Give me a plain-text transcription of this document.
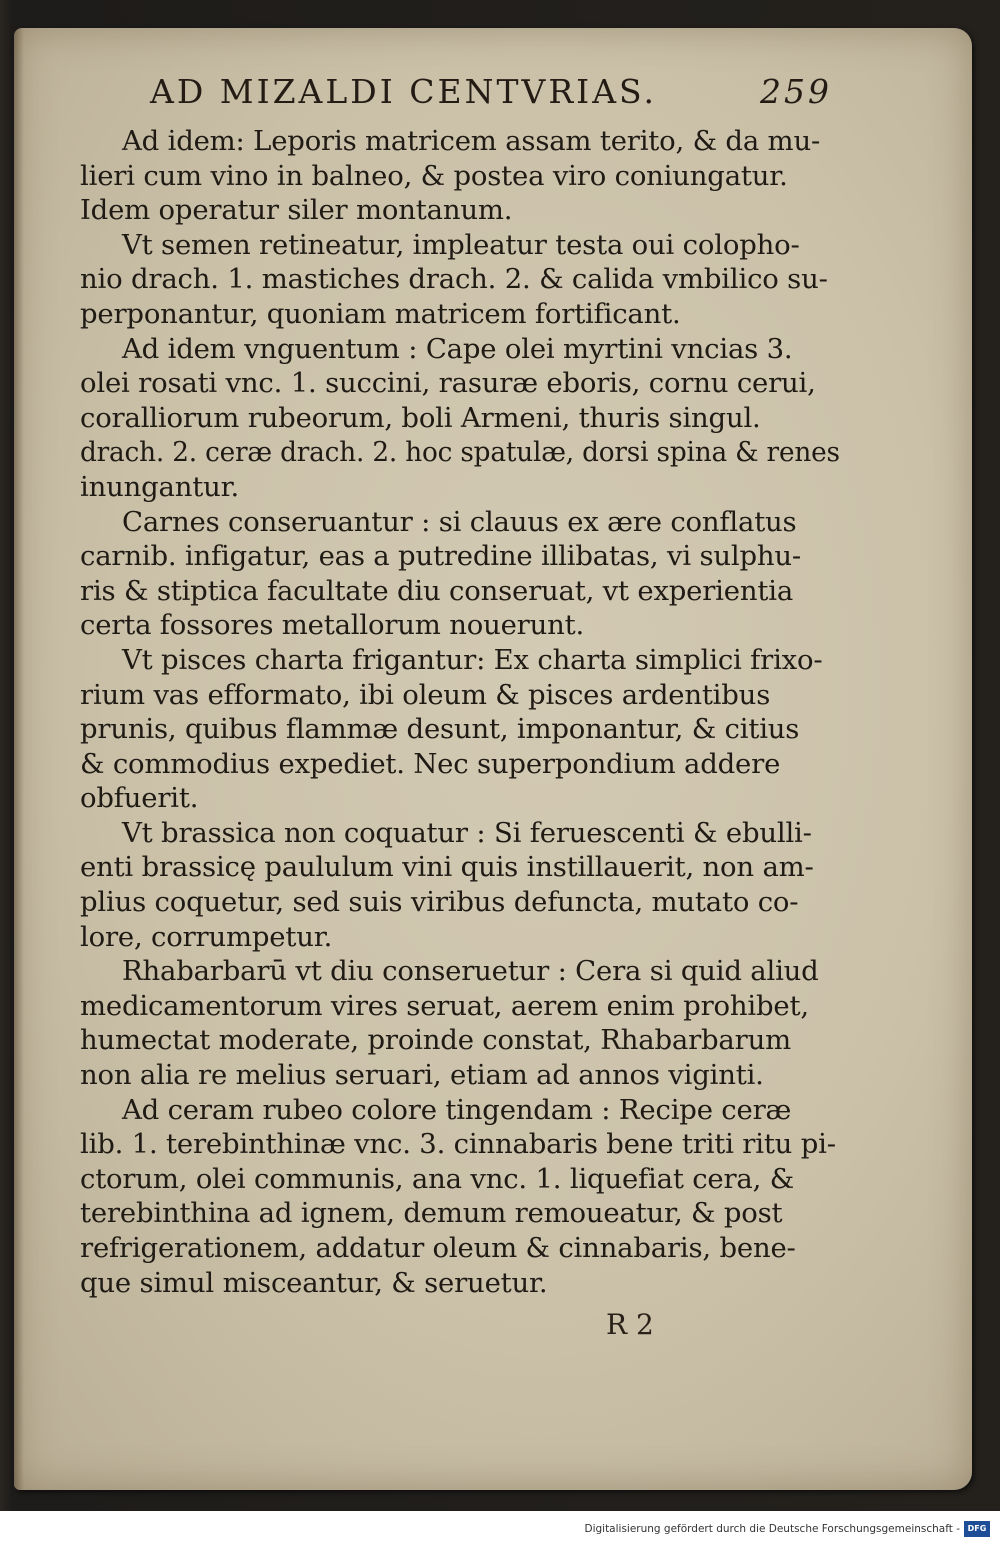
AD MIZALDI CENTVRIAS.	259
Ad idem: Leporis matricem assam terito, & da mu-
lieri cum vino in balneo, & postea viro coniungatur.
Idem operatur siler montanum.
Vt semen retineatur, impleatur testa oui colopho-
nio drach. 1. mastiches drach. 2. & calida vmbilico su-
perponantur, quoniam matricem fortificant.
Ad idem vnguentum : Cape olei myrtini vncias 3.
olei rosati vnc. 1. succini, rasuræ eboris, cornu cerui,
coralliorum rubeorum, boli Armeni, thuris singul.
drach. 2. ceræ drach. 2. hoc spatulæ, dorsi spina & renes
inungantur.
Carnes conseruantur : si clauus ex ære conflatus
carnib. infigatur, eas a putredine illibatas, vi sulphu-
ris & stiptica facultate diu conseruat, vt experientia
certa fossores metallorum nouerunt.
Vt pisces charta frigantur: Ex charta simplici frixo-
rium vas efformato, ibi oleum & pisces ardentibus
prunis, quibus flammæ desunt, imponantur, & citius
& commodius expediet. Nec superpondium addere
obfuerit.
Vt brassica non coquatur : Si feruescenti & ebulli-
enti brassicę paululum vini quis instillauerit, non am-
plius coquetur, sed suis viribus defuncta, mutato co-
lore, corrumpetur.
Rhabarbarū vt diu conseruetur : Cera si quid aliud
medicamentorum vires seruat, aerem enim prohibet,
humectat moderate, proinde constat, Rhabarbarum
non alia re melius seruari, etiam ad annos viginti.
Ad ceram rubeo colore tingendam : Recipe ceræ
lib. 1. terebinthinæ vnc. 3. cinnabaris bene triti ritu pi-
ctorum, olei communis, ana vnc. 1. liquefiat cera, &
terebinthina ad ignem, demum remoueatur, & post
refrigerationem, addatur oleum & cinnabaris, bene-
que simul misceantur, & seruetur.
R 2
Digitalisierung gefördert durch die Deutsche Forschungsgemeinschaft - DFG
